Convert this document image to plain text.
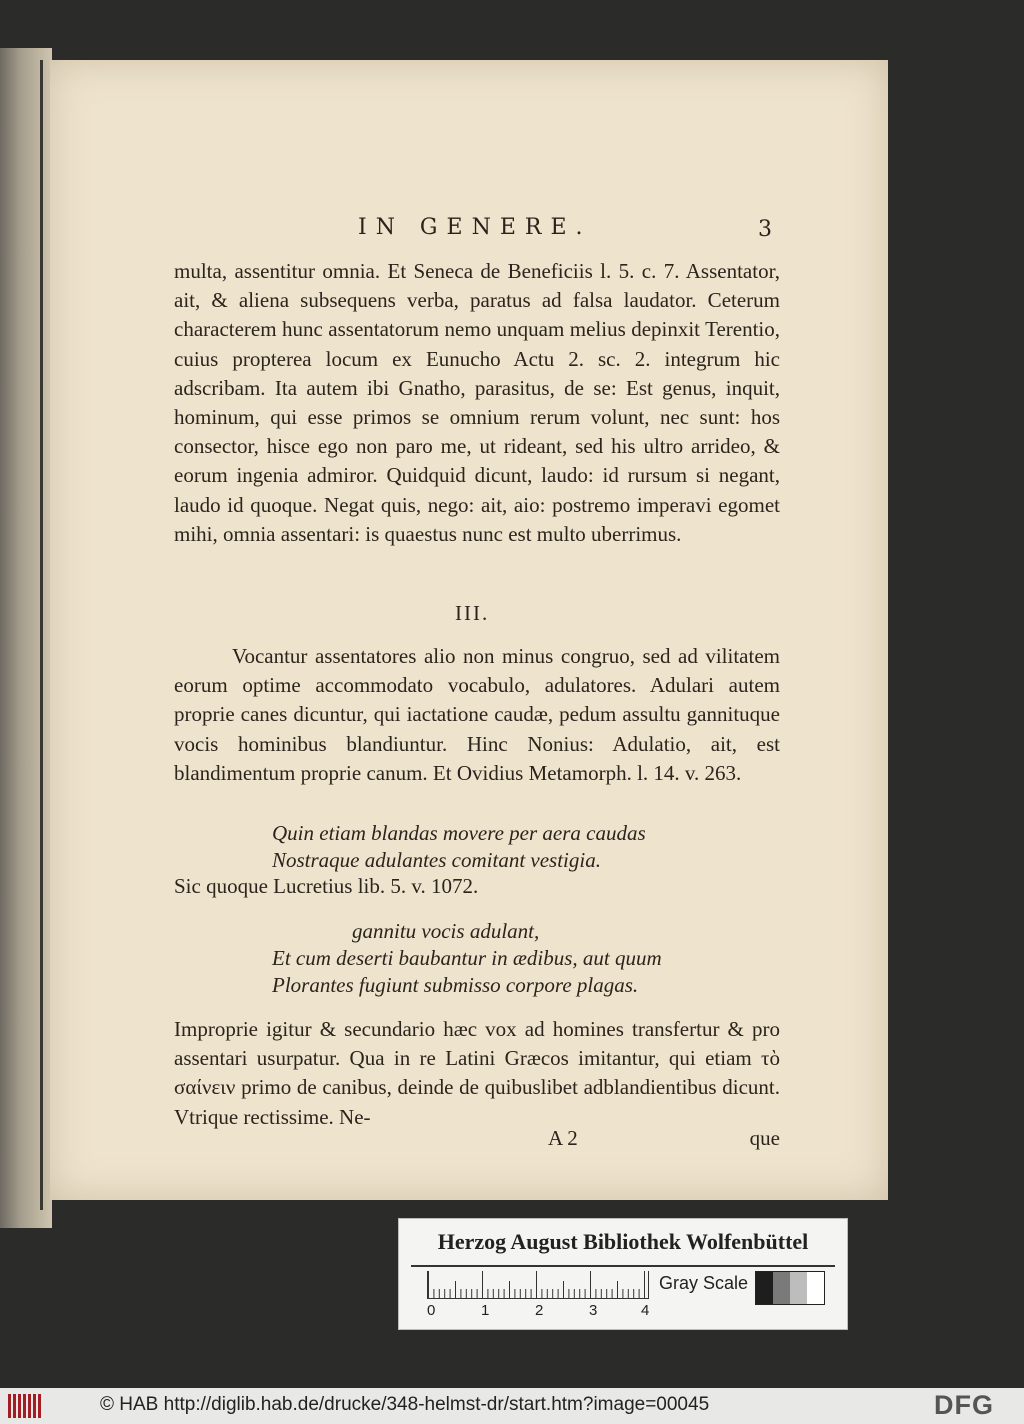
IN GENERE.	3
multa, assentitur omnia. Et Seneca de Beneficiis l. 5. c. 7. Assentator, ait, & aliena subsequens verba, paratus ad falsa laudator. Ceterum characterem hunc assentatorum nemo unquam melius depinxit Terentio, cuius propterea locum ex Eunucho Actu 2. sc. 2. integrum hic adscribam. Ita autem ibi Gnatho, parasitus, de se: Est genus, inquit, hominum, qui esse primos se omnium rerum volunt, nec sunt: hos consector, hisce ego non paro me, ut rideant, sed his ultro arrideo, & eorum ingenia admiror. Quidquid dicunt, laudo: id rursum si negant, laudo id quoque. Negat quis, nego: ait, aio: postremo imperavi egomet mihi, omnia assentari: is quaestus nunc est multo uberrimus.
III.
Vocantur assentatores alio non minus congruo, sed ad vilitatem eorum optime accommodato vocabulo, adulatores. Adulari autem proprie canes dicuntur, qui iactatione caudæ, pedum assultu gannituque vocis hominibus blandiuntur. Hinc Nonius: Adulatio, ait, est blandimentum proprie canum. Et Ovidius Metamorph. l. 14. v. 263.
Quin etiam blandas movere per aera caudas
Nostraque adulantes comitant vestigia.
Sic quoque Lucretius lib. 5. v. 1072.
gannitu vocis adulant,
Et cum deserti baubantur in ædibus, aut quum
Plorantes fugiunt submisso corpore plagas.
Improprie igitur & secundario hæc vox ad homines transfertur & pro assentari usurpatur. Qua in re Latini Græcos imitantur, qui etiam τὸ σαίνειν primo de canibus, deinde de quibuslibet adblandientibus dicunt. Vtrique rectissime. Ne-
A 2	que
Herzog August Bibliothek Wolfenbüttel
0	1	2	3	4
Gray Scale
© HAB http://diglib.hab.de/drucke/348-helmst-dr/start.htm?image=00045	DFG
